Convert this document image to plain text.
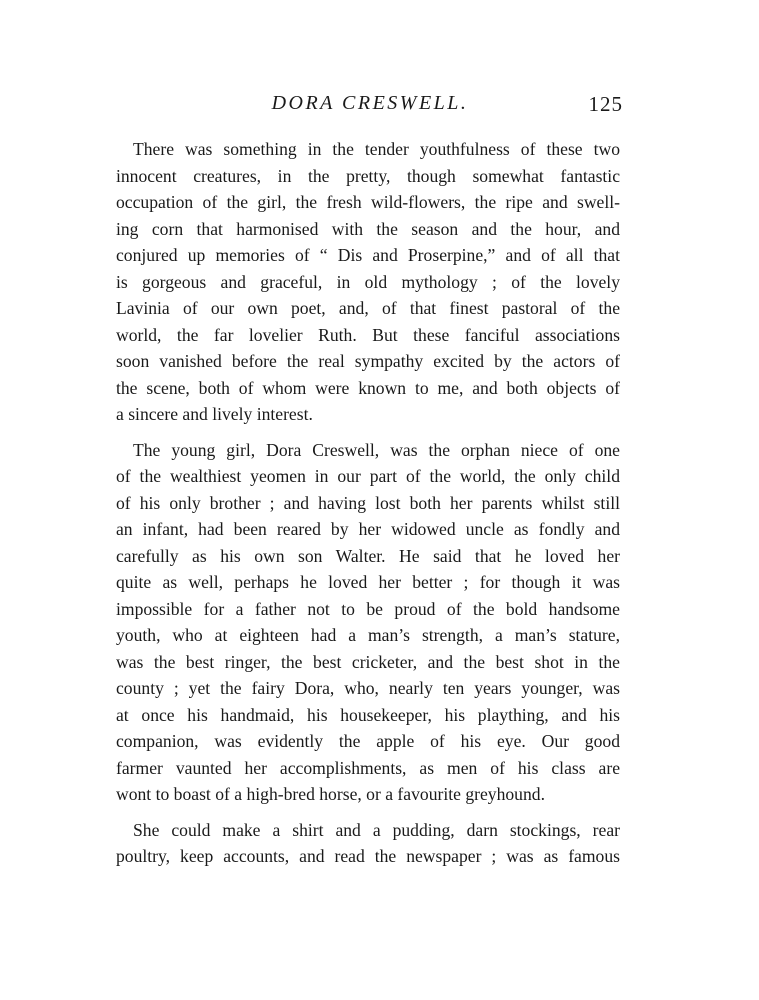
DORA CRESWELL.	125

There was something in the tender youthfulness of these two
innocent creatures, in the pretty, though somewhat fantastic
occupation of the girl, the fresh wild-flowers, the ripe and swell-
ing corn that harmonised with the season and the hour, and
conjured up memories of “ Dis and Proserpine,” and of all that
is gorgeous and graceful, in old mythology ; of the lovely
Lavinia of our own poet, and, of that finest pastoral of the
world, the far lovelier Ruth. But these fanciful associations
soon vanished before the real sympathy excited by the actors of
the scene, both of whom were known to me, and both objects of
a sincere and lively interest.

The young girl, Dora Creswell, was the orphan niece of one
of the wealthiest yeomen in our part of the world, the only child
of his only brother ; and having lost both her parents whilst still
an infant, had been reared by her widowed uncle as fondly and
carefully as his own son Walter. He said that he loved her
quite as well, perhaps he loved her better ; for though it was
impossible for a father not to be proud of the bold handsome
youth, who at eighteen had a man’s strength, a man’s stature,
was the best ringer, the best cricketer, and the best shot in the
county ; yet the fairy Dora, who, nearly ten years younger, was
at once his handmaid, his housekeeper, his plaything, and his
companion, was evidently the apple of his eye. Our good
farmer vaunted her accomplishments, as men of his class are
wont to boast of a high-bred horse, or a favourite greyhound.

She could make a shirt and a pudding, darn stockings, rear
poultry, keep accounts, and read the newspaper ; was as famous
